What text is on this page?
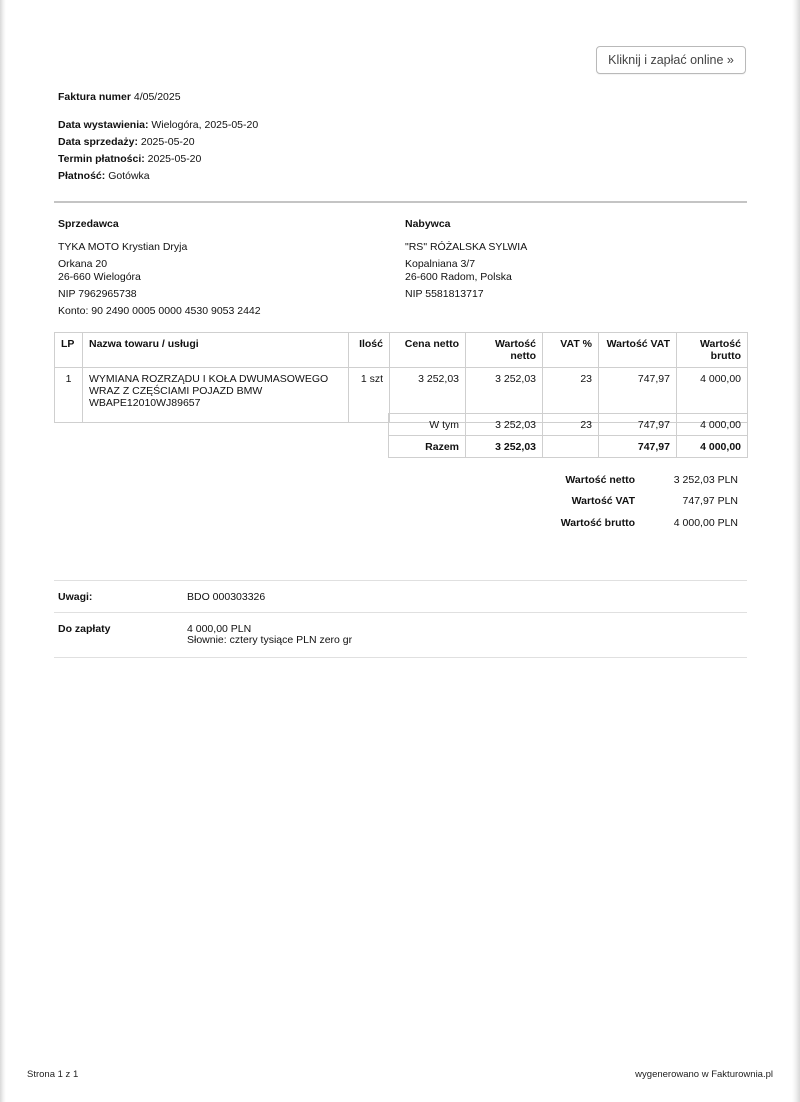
Kliknij i zapłać online »
Faktura numer 4/05/2025
Data wystawienia: Wielogóra, 2025-05-20
Data sprzedaży: 2025-05-20
Termin płatności: 2025-05-20
Płatność: Gotówka
Sprzedawca
TYKA MOTO Krystian Dryja
Orkana 20
26-660 Wielogóra
NIP 7962965738
Konto: 90 2490 0005 0000 4530 9053 2442
Nabywca
"RS" RÓŻALSKA SYLWIA
Kopalniana 3/7
26-600 Radom, Polska
NIP 5581813717
LP	Nazwa towaru / usługi	Ilość	Cena netto	Wartość netto	VAT %	Wartość VAT	Wartość brutto
1	WYMIANA ROZRZĄDU I KOŁA DWUMASOWEGO WRAZ Z CZĘŚCIAMI POJAZD BMW WBAPE12010WJ89657	1 szt	3 252,03	3 252,03	23	747,97	4 000,00
W tym	3 252,03	23	747,97	4 000,00
Razem	3 252,03		747,97	4 000,00
Wartość netto	3 252,03 PLN
Wartość VAT	747,97 PLN
Wartość brutto	4 000,00 PLN
Uwagi:	BDO 000303326
Do zapłaty	4 000,00 PLN
Słownie: cztery tysiące PLN zero gr
Strona 1 z 1	wygenerowano w Fakturownia.pl
